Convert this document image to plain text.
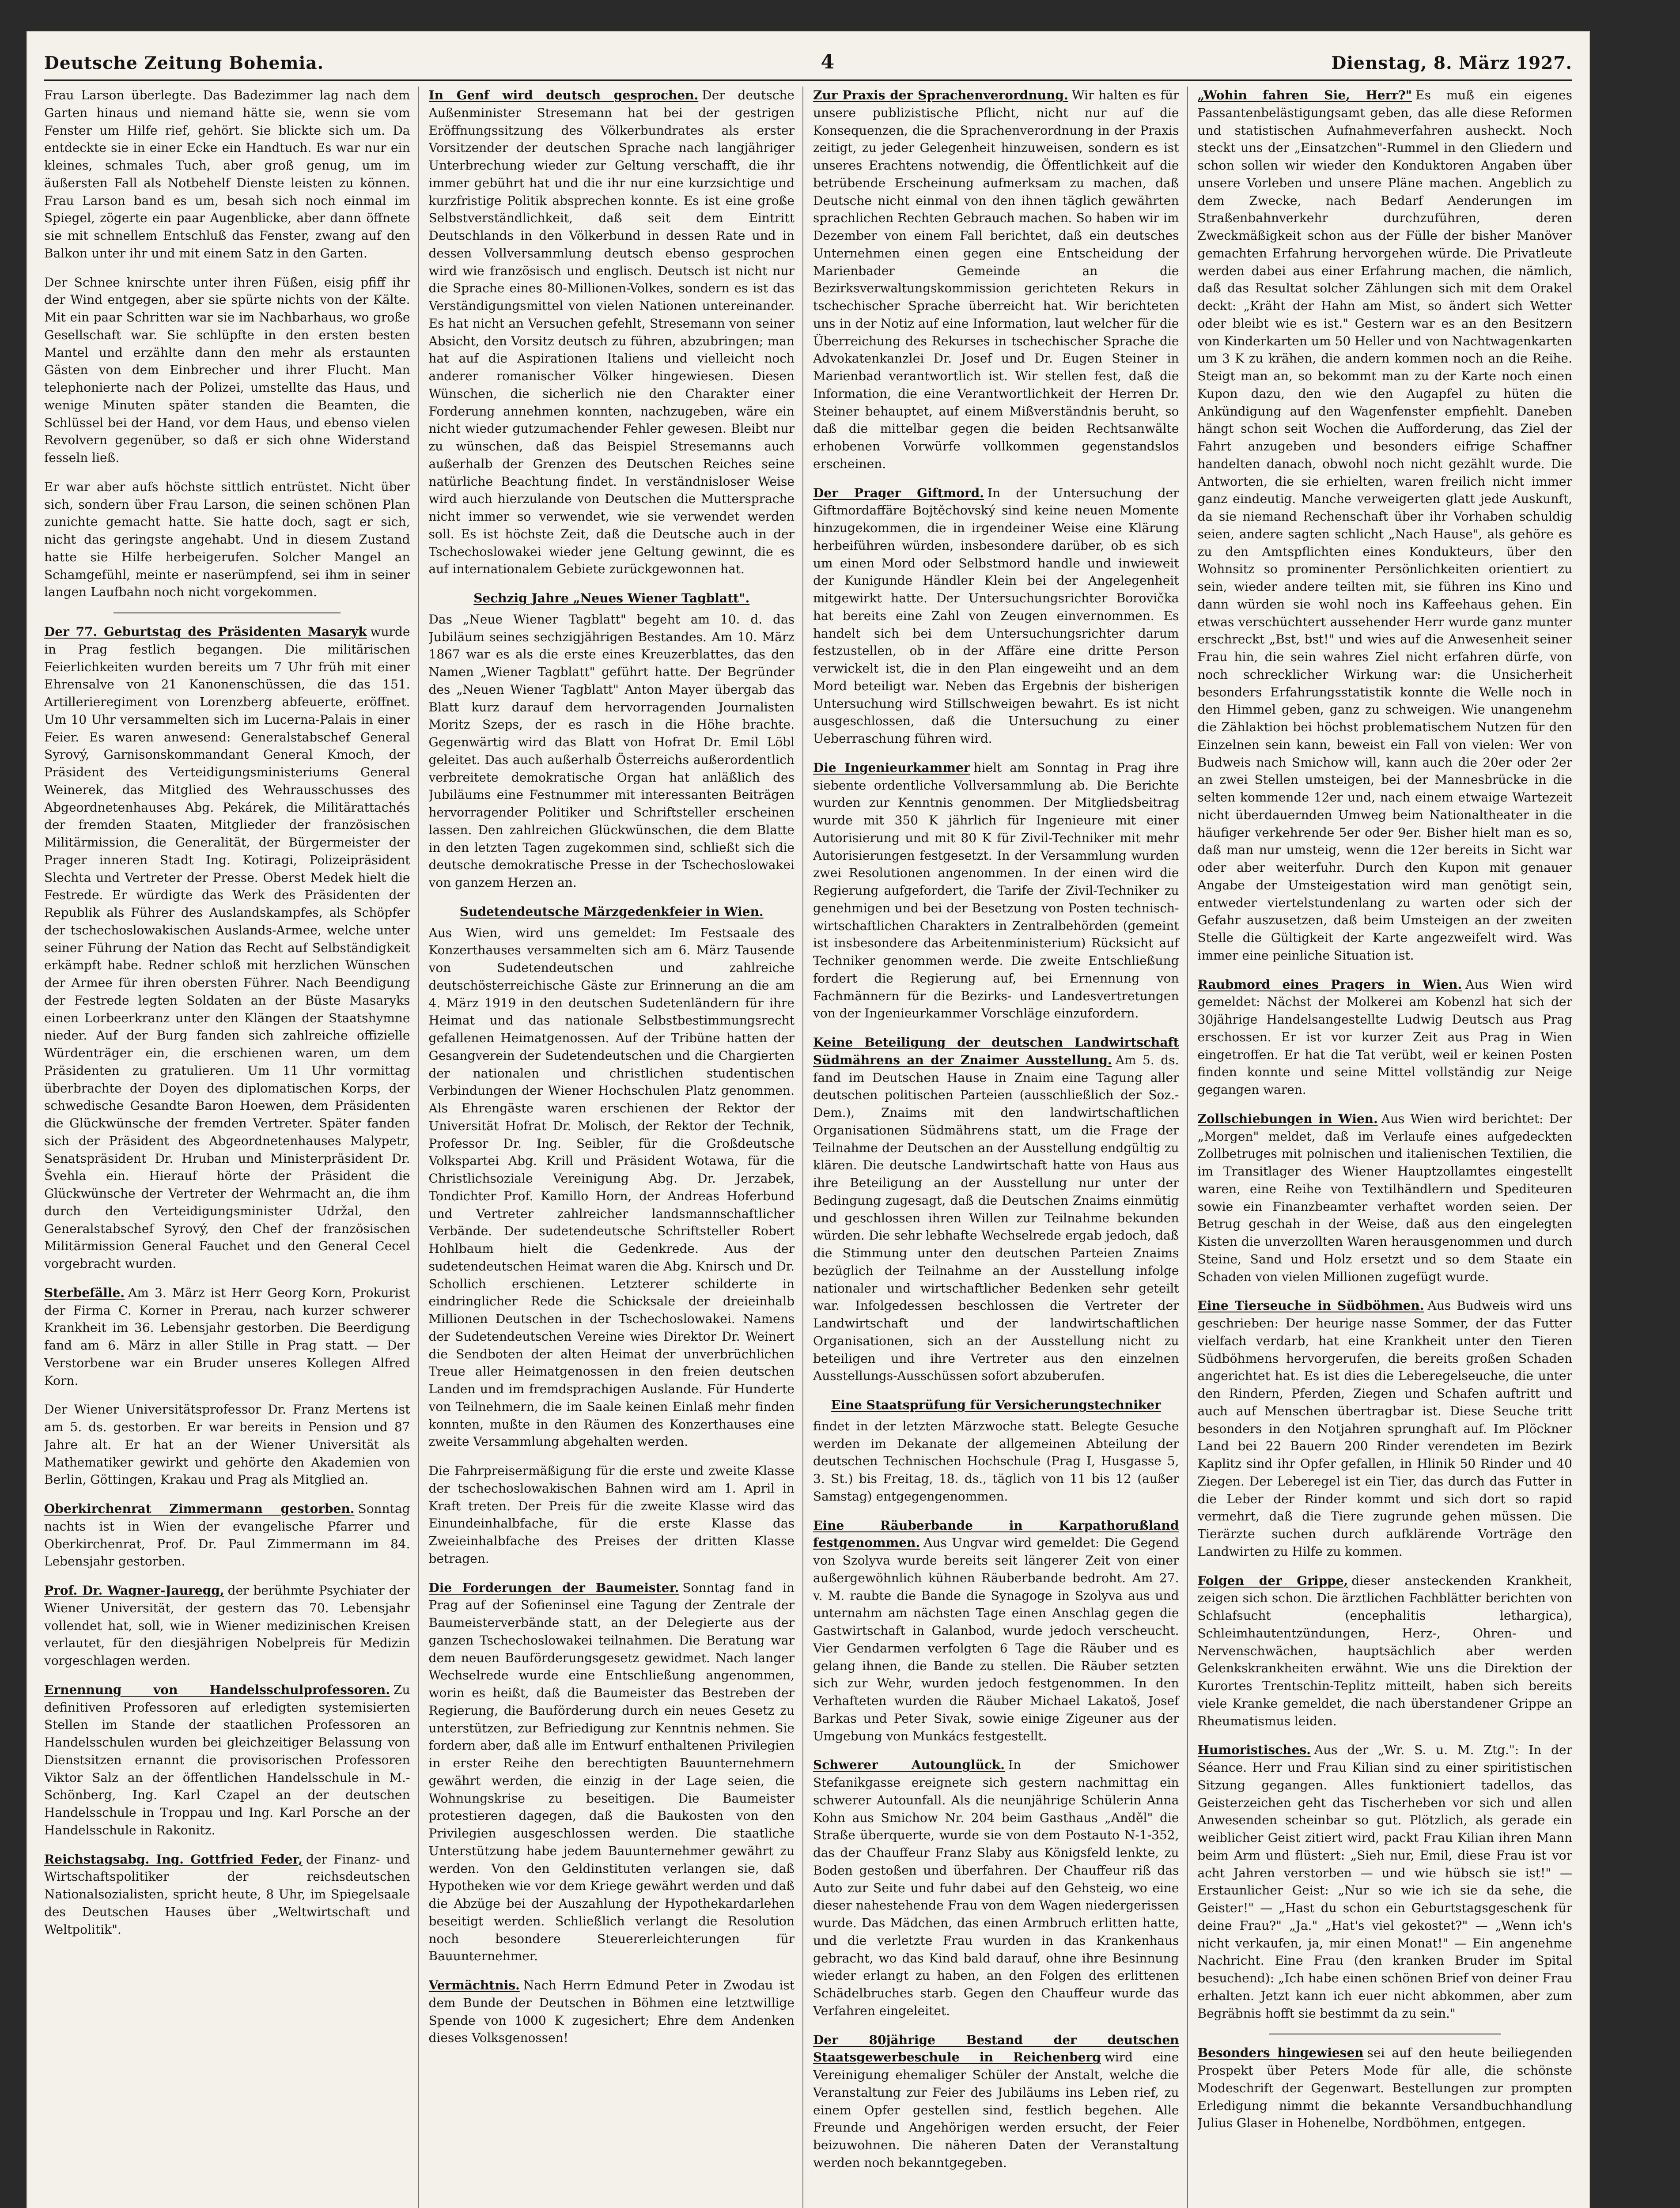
Deutsche Zeitung Bohemia.	4	Dienstag, 8. März 1927.

Frau Larson überlegte. Das Badezimmer lag nach dem Garten hinaus und niemand hätte sie, wenn sie vom Fenster um Hilfe rief, gehört. Sie blickte sich um. Da entdeckte sie in einer Ecke ein Handtuch. Es war nur ein kleines, schmales Tuch, aber groß genug, um im äußersten Fall als Notbehelf Dienste leisten zu können. Frau Larson band es um, besah sich noch einmal im Spiegel, zögerte ein paar Augenblicke, aber dann öffnete sie mit schnellem Entschluß das Fenster, zwang auf den Balkon unter ihr und mit einem Satz in den Garten.

Der Schnee knirschte unter ihren Füßen, eisig pfiff ihr der Wind entgegen, aber sie spürte nichts von der Kälte. Mit ein paar Schritten war sie im Nachbarhaus, wo große Gesellschaft war. Sie schlüpfte in den ersten besten Mantel und erzählte dann den mehr als erstaunten Gästen von dem Einbrecher und ihrer Flucht. Man telephonierte nach der Polizei, umstellte das Haus, und wenige Minuten später standen die Beamten, die Schlüssel bei der Hand, vor dem Haus, und ebenso vielen Revolvern gegenüber, so daß er sich ohne Widerstand fesseln ließ.

Er war aber aufs höchste sittlich entrüstet. Nicht über sich, sondern über Frau Larson, die seinen schönen Plan zunichte gemacht hatte. Sie hatte doch, sagt er sich, nicht das geringste angehabt. Und in diesem Zustand hatte sie Hilfe herbeigerufen. Solcher Mangel an Schamgefühl, meinte er naserümpfend, sei ihm in seiner langen Laufbahn noch nicht vorgekommen.

Der 77. Geburtstag des Präsidenten Masaryk wurde in Prag festlich begangen. Die militärischen Feierlichkeiten wurden bereits um 7 Uhr früh mit einer Ehrensalve von 21 Kanonenschüssen, die das 151. Artillerieregiment von Lorenzberg abfeuerte, eröffnet. Um 10 Uhr versammelten sich im Lucerna-Palais in einer Feier. Es waren anwesend: Generalstabschef General Syrový, Garnisonskommandant General Kmoch, der Präsident des Verteidigungsministeriums General Weinerek, das Mitglied des Wehrausschusses des Abgeordnetenhauses Abg. Pekárek, die Militärattachés der fremden Staaten, Mitglieder der französischen Militärmission, die Generalität, der Bürgermeister der Prager inneren Stadt Ing. Kotiragi, Polizeipräsident Slechta und Vertreter der Presse. Oberst Medek hielt die Festrede. Er würdigte das Werk des Präsidenten der Republik als Führer des Auslandskampfes, als Schöpfer der tschechoslowakischen Auslands-Armee, welche unter seiner Führung der Nation das Recht auf Selbständigkeit erkämpft habe. Redner schloß mit herzlichen Wünschen der Armee für ihren obersten Führer. Nach Beendigung der Festrede legten Soldaten an der Büste Masaryks einen Lorbeerkranz unter den Klängen der Staatshymne nieder. Auf der Burg fanden sich zahlreiche offizielle Würdenträger ein, die erschienen waren, um dem Präsidenten zu gratulieren. Um 11 Uhr vormittag überbrachte der Doyen des diplomatischen Korps, der schwedische Gesandte Baron Hoewen, dem Präsidenten die Glückwünsche der fremden Vertreter. Später fanden sich der Präsident des Abgeordnetenhauses Malypetr, Senatspräsident Dr. Hruban und Ministerpräsident Dr. Švehla ein. Hierauf hörte der Präsident die Glückwünsche der Vertreter der Wehrmacht an, die ihm durch den Verteidigungsminister Udržal, den Generalstabschef Syrový, den Chef der französischen Militärmission General Fauchet und den General Cecel vorgebracht wurden.

Sterbefälle. Am 3. März ist Herr Georg Korn, Prokurist der Firma C. Korner in Prerau, nach kurzer schwerer Krankheit im 36. Lebensjahr gestorben. Die Beerdigung fand am 6. März in aller Stille in Prag statt. — Der Verstorbene war ein Bruder unseres Kollegen Alfred Korn.

Der Wiener Universitätsprofessor Dr. Franz Mertens ist am 5. ds. gestorben. Er war bereits in Pension und 87 Jahre alt. Er hat an der Wiener Universität als Mathematiker gewirkt und gehörte den Akademien von Berlin, Göttingen, Krakau und Prag als Mitglied an.

Oberkirchenrat Zimmermann gestorben. Sonntag nachts ist in Wien der evangelische Pfarrer und Oberkirchenrat, Prof. Dr. Paul Zimmermann im 84. Lebensjahr gestorben.

Prof. Dr. Wagner-Jauregg, der berühmte Psychiater der Wiener Universität, der gestern das 70. Lebensjahr vollendet hat, soll, wie in Wiener medizinischen Kreisen verlautet, für den diesjährigen Nobelpreis für Medizin vorgeschlagen werden.

Ernennung von Handelsschulprofessoren. Zu definitiven Professoren auf erledigten systemisierten Stellen im Stande der staatlichen Professoren an Handelsschulen wurden bei gleichzeitiger Belassung von Dienstsitzen ernannt die provisorischen Professoren Viktor Salz an der öffentlichen Handelsschule in M.-Schönberg, Ing. Karl Czapel an der deutschen Handelsschule in Troppau und Ing. Karl Porsche an der Handelsschule in Rakonitz.

Reichstagsabg. Ing. Gottfried Feder, der Finanz- und Wirtschaftspolitiker der reichsdeutschen Nationalsozialisten, spricht heute, 8 Uhr, im Spiegelsaale des Deutschen Hauses über „Weltwirtschaft und Weltpolitik".

In Genf wird deutsch gesprochen. Der deutsche Außenminister Stresemann hat bei der gestrigen Eröffnungssitzung des Völkerbundrates als erster Vorsitzender der deutschen Sprache nach langjähriger Unterbrechung wieder zur Geltung verschafft, die ihr immer gebührt hat und die ihr nur eine kurzsichtige und kurzfristige Politik absprechen konnte. Es ist eine große Selbstverständlichkeit, daß seit dem Eintritt Deutschlands in den Völkerbund in dessen Rate und in dessen Vollversammlung deutsch ebenso gesprochen wird wie französisch und englisch. Deutsch ist nicht nur die Sprache eines 80-Millionen-Volkes, sondern es ist das Verständigungsmittel von vielen Nationen untereinander. Es hat nicht an Versuchen gefehlt, Stresemann von seiner Absicht, den Vorsitz deutsch zu führen, abzubringen; man hat auf die Aspirationen Italiens und vielleicht noch anderer romanischer Völker hingewiesen. Diesen Wünschen, die sicherlich nie den Charakter einer Forderung annehmen konnten, nachzugeben, wäre ein nicht wieder gutzumachender Fehler gewesen. Bleibt nur zu wünschen, daß das Beispiel Stresemanns auch außerhalb der Grenzen des Deutschen Reiches seine natürliche Beachtung findet. In verständnisloser Weise wird auch hierzulande von Deutschen die Muttersprache nicht immer so verwendet, wie sie verwendet werden soll. Es ist höchste Zeit, daß die Deutsche auch in der Tschechoslowakei wieder jene Geltung gewinnt, die es auf internationalem Gebiete zurückgewonnen hat.

Sechzig Jahre „Neues Wiener Tagblatt".
Das „Neue Wiener Tagblatt" begeht am 10. d. das Jubiläum seines sechzigjährigen Bestandes. Am 10. März 1867 war es als die erste eines Kreuzerblattes, das den Namen „Wiener Tagblatt" geführt hatte. Der Begründer des „Neuen Wiener Tagblatt" Anton Mayer übergab das Blatt kurz darauf dem hervorragenden Journalisten Moritz Szeps, der es rasch in die Höhe brachte. Gegenwärtig wird das Blatt von Hofrat Dr. Emil Löbl geleitet. Das auch außerhalb Österreichs außerordentlich verbreitete demokratische Organ hat anläßlich des Jubiläums eine Festnummer mit interessanten Beiträgen hervorragender Politiker und Schriftsteller erscheinen lassen. Den zahlreichen Glückwünschen, die dem Blatte in den letzten Tagen zugekommen sind, schließt sich die deutsche demokratische Presse in der Tschechoslowakei von ganzem Herzen an.

Sudetendeutsche Märzgedenkfeier in Wien.
Aus Wien, wird uns gemeldet: Im Festsaale des Konzerthauses versammelten sich am 6. März Tausende von Sudetendeutschen und zahlreiche deutschösterreichische Gäste zur Erinnerung an die am 4. März 1919 in den deutschen Sudetenländern für ihre Heimat und das nationale Selbstbestimmungsrecht gefallenen Heimatgenossen. Auf der Tribüne hatten der Gesangverein der Sudetendeutschen und die Chargierten der nationalen und christlichen studentischen Verbindungen der Wiener Hochschulen Platz genommen. Als Ehrengäste waren erschienen der Rektor der Universität Hofrat Dr. Molisch, der Rektor der Technik, Professor Dr. Ing. Seibler, für die Großdeutsche Volkspartei Abg. Krill und Präsident Wotawa, für die Christlichsoziale Vereinigung Abg. Dr. Jerzabek, Tondichter Prof. Kamillo Horn, der Andreas Hoferbund und Vertreter zahlreicher landsmannschaftlicher Verbände. Der sudetendeutsche Schriftsteller Robert Hohlbaum hielt die Gedenkrede. Aus der sudetendeutschen Heimat waren die Abg. Knirsch und Dr. Schollich erschienen. Letzterer schilderte in eindringlicher Rede die Schicksale der dreieinhalb Millionen Deutschen in der Tschechoslowakei. Namens der Sudetendeutschen Vereine wies Direktor Dr. Weinert die Sendboten der alten Heimat der unverbrüchlichen Treue aller Heimatgenossen in den freien deutschen Landen und im fremdsprachigen Auslande. Für Hunderte von Teilnehmern, die im Saale keinen Einlaß mehr finden konnten, mußte in den Räumen des Konzerthauses eine zweite Versammlung abgehalten werden.

Die Fahrpreisermäßigung für die erste und zweite Klasse der tschechoslowakischen Bahnen wird am 1. April in Kraft treten. Der Preis für die zweite Klasse wird das Einundeinhalbfache, für die erste Klasse das Zweieinhalbfache des Preises der dritten Klasse betragen.

Die Forderungen der Baumeister. Sonntag fand in Prag auf der Sofieninsel eine Tagung der Zentrale der Baumeisterverbände statt, an der Delegierte aus der ganzen Tschechoslowakei teilnahmen. Die Beratung war dem neuen Bauförderungsgesetz gewidmet. Nach langer Wechselrede wurde eine Entschließung angenommen, worin es heißt, daß die Baumeister das Bestreben der Regierung, die Bauförderung durch ein neues Gesetz zu unterstützen, zur Befriedigung zur Kenntnis nehmen. Sie fordern aber, daß alle im Entwurf enthaltenen Privilegien in erster Reihe den berechtigten Bauunternehmern gewährt werden, die einzig in der Lage seien, die Wohnungskrise zu beseitigen. Die Baumeister protestieren dagegen, daß die Baukosten von den Privilegien ausgeschlossen werden. Die staatliche Unterstützung habe jedem Bauunternehmer gewährt zu werden. Von den Geldinstituten verlangen sie, daß Hypotheken wie vor dem Kriege gewährt werden und daß die Abzüge bei der Auszahlung der Hypothekardarlehen beseitigt werden. Schließlich verlangt die Resolution noch besondere Steuererleichterungen für Bauunternehmer.

Vermächtnis. Nach Herrn Edmund Peter in Zwodau ist dem Bunde der Deutschen in Böhmen eine letztwillige Spende von 1000 K zugesichert; Ehre dem Andenken dieses Volksgenossen!

Zur Praxis der Sprachenverordnung. Wir halten es für unsere publizistische Pflicht, nicht nur auf die Konsequenzen, die die Sprachenverordnung in der Praxis zeitigt, zu jeder Gelegenheit hinzuweisen, sondern es ist unseres Erachtens notwendig, die Öffentlichkeit auf die betrübende Erscheinung aufmerksam zu machen, daß Deutsche nicht einmal von den ihnen täglich gewährten sprachlichen Rechten Gebrauch machen. So haben wir im Dezember von einem Fall berichtet, daß ein deutsches Unternehmen einen gegen eine Entscheidung der Marienbader Gemeinde an die Bezirksverwaltungskommission gerichteten Rekurs in tschechischer Sprache überreicht hat. Wir berichteten uns in der Notiz auf eine Information, laut welcher für die Überreichung des Rekurses in tschechischer Sprache die Advokatenkanzlei Dr. Josef und Dr. Eugen Steiner in Marienbad verantwortlich ist. Wir stellen fest, daß die Information, die eine Verantwortlichkeit der Herren Dr. Steiner behauptet, auf einem Mißverständnis beruht, so daß die mittelbar gegen die beiden Rechtsanwälte erhobenen Vorwürfe vollkommen gegenstandslos erscheinen.

Der Prager Giftmord. In der Untersuchung der Giftmordaffäre Bojtěchovský sind keine neuen Momente hinzugekommen, die in irgendeiner Weise eine Klärung herbeiführen würden, insbesondere darüber, ob es sich um einen Mord oder Selbstmord handle und inwieweit der Kunigunde Händler Klein bei der Angelegenheit mitgewirkt hatte. Der Untersuchungsrichter Borovička hat bereits eine Zahl von Zeugen einvernommen. Es handelt sich bei dem Untersuchungsrichter darum festzustellen, ob in der Affäre eine dritte Person verwickelt ist, die in den Plan eingeweiht und an dem Mord beteiligt war. Neben das Ergebnis der bisherigen Untersuchung wird Stillschweigen bewahrt. Es ist nicht ausgeschlossen, daß die Untersuchung zu einer Ueberraschung führen wird.

Die Ingenieurkammer hielt am Sonntag in Prag ihre siebente ordentliche Vollversammlung ab. Die Berichte wurden zur Kenntnis genommen. Der Mitgliedsbeitrag wurde mit 350 K jährlich für Ingenieure mit einer Autorisierung und mit 80 K für Zivil-Techniker mit mehr Autorisierungen festgesetzt. In der Versammlung wurden zwei Resolutionen angenommen. In der einen wird die Regierung aufgefordert, die Tarife der Zivil-Techniker zu genehmigen und bei der Besetzung von Posten technisch-wirtschaftlichen Charakters in Zentralbehörden (gemeint ist insbesondere das Arbeitenministerium) Rücksicht auf Techniker genommen werde. Die zweite Entschließung fordert die Regierung auf, bei Ernennung von Fachmännern für die Bezirks- und Landesvertretungen von der Ingenieurkammer Vorschläge einzufordern.

Keine Beteiligung der deutschen Landwirtschaft Südmährens an der Znaimer Ausstellung. Am 5. ds. fand im Deutschen Hause in Znaim eine Tagung aller deutschen politischen Parteien (ausschließlich der Soz.-Dem.), Znaims mit den landwirtschaftlichen Organisationen Südmährens statt, um die Frage der Teilnahme der Deutschen an der Ausstellung endgültig zu klären. Die deutsche Landwirtschaft hatte von Haus aus ihre Beteiligung an der Ausstellung nur unter der Bedingung zugesagt, daß die Deutschen Znaims einmütig und geschlossen ihren Willen zur Teilnahme bekunden würden. Die sehr lebhafte Wechselrede ergab jedoch, daß die Stimmung unter den deutschen Parteien Znaims bezüglich der Teilnahme an der Ausstellung infolge nationaler und wirtschaftlicher Bedenken sehr geteilt war. Infolgedessen beschlossen die Vertreter der Landwirtschaft und der landwirtschaftlichen Organisationen, sich an der Ausstellung nicht zu beteiligen und ihre Vertreter aus den einzelnen Ausstellungs-Ausschüssen sofort abzuberufen.

Eine Staatsprüfung für Versicherungstechniker
findet in der letzten Märzwoche statt. Belegte Gesuche werden im Dekanate der allgemeinen Abteilung der deutschen Technischen Hochschule (Prag I, Husgasse 5, 3. St.) bis Freitag, 18. ds., täglich von 11 bis 12 (außer Samstag) entgegengenommen.

Eine Räuberbande in Karpathorußland festgenommen. Aus Ungvar wird gemeldet: Die Gegend von Szolyva wurde bereits seit längerer Zeit von einer außergewöhnlich kühnen Räuberbande bedroht. Am 27. v. M. raubte die Bande die Synagoge in Szolyva aus und unternahm am nächsten Tage einen Anschlag gegen die Gastwirtschaft in Galanbod, wurde jedoch verscheucht. Vier Gendarmen verfolgten 6 Tage die Räuber und es gelang ihnen, die Bande zu stellen. Die Räuber setzten sich zur Wehr, wurden jedoch festgenommen. In den Verhafteten wurden die Räuber Michael Lakatoš, Josef Barkas und Peter Sivak, sowie einige Zigeuner aus der Umgebung von Munkács festgestellt.

Schwerer Autounglück. In der Smichower Stefanikgasse ereignete sich gestern nachmittag ein schwerer Autounfall. Als die neunjährige Schülerin Anna Kohn aus Smichow Nr. 204 beim Gasthaus „Anděl" die Straße überquerte, wurde sie von dem Postauto N-1-352, das der Chauffeur Franz Slaby aus Königsfeld lenkte, zu Boden gestoßen und überfahren. Der Chauffeur riß das Auto zur Seite und fuhr dabei auf den Gehsteig, wo eine dieser nahestehende Frau von dem Wagen niedergerissen wurde. Das Mädchen, das einen Armbruch erlitten hatte, und die verletzte Frau wurden in das Krankenhaus gebracht, wo das Kind bald darauf, ohne ihre Besinnung wieder erlangt zu haben, an den Folgen des erlittenen Schädelbruches starb. Gegen den Chauffeur wurde das Verfahren eingeleitet.

Der 80jährige Bestand der deutschen Staatsgewerbeschule in Reichenberg wird eine Vereinigung ehemaliger Schüler der Anstalt, welche die Veranstaltung zur Feier des Jubiläums ins Leben rief, zu einem Opfer gestellen sind, festlich begehen. Alle Freunde und Angehörigen werden ersucht, der Feier beizuwohnen. Die näheren Daten der Veranstaltung werden noch bekanntgegeben.

„Wohin fahren Sie, Herr?" Es muß ein eigenes Passantenbelästigungsamt geben, das alle diese Reformen und statistischen Aufnahmeverfahren ausheckt. Noch steckt uns der „Einsatzchen"-Rummel in den Gliedern und schon sollen wir wieder den Konduktoren Angaben über unsere Vorleben und unsere Pläne machen. Angeblich zu dem Zwecke, nach Bedarf Aenderungen im Straßenbahnverkehr durchzuführen, deren Zweckmäßigkeit schon aus der Fülle der bisher Manöver gemachten Erfahrung hervorgehen würde. Die Privatleute werden dabei aus einer Erfahrung machen, die nämlich, daß das Resultat solcher Zählungen sich mit dem Orakel deckt: „Kräht der Hahn am Mist, so ändert sich Wetter oder bleibt wie es ist." Gestern war es an den Besitzern von Kinderkarten um 50 Heller und von Nachtwagenkarten um 3 K zu krähen, die andern kommen noch an die Reihe. Steigt man an, so bekommt man zu der Karte noch einen Kupon dazu, den wie den Augapfel zu hüten die Ankündigung auf den Wagenfenster empfiehlt. Daneben hängt schon seit Wochen die Aufforderung, das Ziel der Fahrt anzugeben und besonders eifrige Schaffner handelten danach, obwohl noch nicht gezählt wurde. Die Antworten, die sie erhielten, waren freilich nicht immer ganz eindeutig. Manche verweigerten glatt jede Auskunft, da sie niemand Rechenschaft über ihr Vorhaben schuldig seien, andere sagten schlicht „Nach Hause", als gehöre es zu den Amtspflichten eines Kondukteurs, über den Wohnsitz so prominenter Persönlichkeiten orientiert zu sein, wieder andere teilten mit, sie führen ins Kino und dann würden sie wohl noch ins Kaffeehaus gehen. Ein etwas verschüchtert aussehender Herr wurde ganz munter erschreckt „Bst, bst!" und wies auf die Anwesenheit seiner Frau hin, die sein wahres Ziel nicht erfahren dürfe, von noch schrecklicher Wirkung war: die Unsicherheit besonders Erfahrungsstatistik konnte die Welle noch in den Himmel geben, ganz zu schweigen. Wie unangenehm die Zählaktion bei höchst problematischem Nutzen für den Einzelnen sein kann, beweist ein Fall von vielen: Wer von Budweis nach Smichow will, kann auch die 20er oder 2er an zwei Stellen umsteigen, bei der Mannesbrücke in die selten kommende 12er und, nach einem etwaige Wartezeit nicht überdauernden Umweg beim Nationaltheater in die häufiger verkehrende 5er oder 9er. Bisher hielt man es so, daß man nur umsteig, wenn die 12er bereits in Sicht war oder aber weiterfuhr. Durch den Kupon mit genauer Angabe der Umsteigestation wird man genötigt sein, entweder viertelstundenlang zu warten oder sich der Gefahr auszusetzen, daß beim Umsteigen an der zweiten Stelle die Gültigkeit der Karte angezweifelt wird. Was immer eine peinliche Situation ist.

Raubmord eines Pragers in Wien. Aus Wien wird gemeldet: Nächst der Molkerei am Kobenzl hat sich der 30jährige Handelsangestellte Ludwig Deutsch aus Prag erschossen. Er ist vor kurzer Zeit aus Prag in Wien eingetroffen. Er hat die Tat verübt, weil er keinen Posten finden konnte und seine Mittel vollständig zur Neige gegangen waren.

Zollschiebungen in Wien. Aus Wien wird berichtet: Der „Morgen" meldet, daß im Verlaufe eines aufgedeckten Zollbetruges mit polnischen und italienischen Textilien, die im Transitlager des Wiener Hauptzollamtes eingestellt waren, eine Reihe von Textilhändlern und Spediteuren sowie ein Finanzbeamter verhaftet worden seien. Der Betrug geschah in der Weise, daß aus den eingelegten Kisten die unverzollten Waren herausgenommen und durch Steine, Sand und Holz ersetzt und so dem Staate ein Schaden von vielen Millionen zugefügt wurde.

Eine Tierseuche in Südböhmen. Aus Budweis wird uns geschrieben: Der heurige nasse Sommer, der das Futter vielfach verdarb, hat eine Krankheit unter den Tieren Südböhmens hervorgerufen, die bereits großen Schaden angerichtet hat. Es ist dies die Leberegelseuche, die unter den Rindern, Pferden, Ziegen und Schafen auftritt und auch auf Menschen übertragbar ist. Diese Seuche tritt besonders in den Notjahren sprunghaft auf. Im Plöckner Land bei 22 Bauern 200 Rinder verendeten im Bezirk Kaplitz sind ihr Opfer gefallen, in Hlinik 50 Rinder und 40 Ziegen. Der Leberegel ist ein Tier, das durch das Futter in die Leber der Rinder kommt und sich dort so rapid vermehrt, daß die Tiere zugrunde gehen müssen. Die Tierärzte suchen durch aufklärende Vorträge den Landwirten zu Hilfe zu kommen.

Folgen der Grippe, dieser ansteckenden Krankheit, zeigen sich schon. Die ärztlichen Fachblätter berichten von Schlafsucht (encephalitis lethargica), Schleimhautentzündungen, Herz-, Ohren- und Nervenschwächen, hauptsächlich aber werden Gelenkskrankheiten erwähnt. Wie uns die Direktion der Kurortes Trentschin-Teplitz mitteilt, haben sich bereits viele Kranke gemeldet, die nach überstandener Grippe an Rheumatismus leiden.

Humoristisches. Aus der „Wr. S. u. M. Ztg.": In der Séance. Herr und Frau Kilian sind zu einer spiritistischen Sitzung gegangen. Alles funktioniert tadellos, das Geisterzeichen geht das Tischerheben vor sich und allen Anwesenden scheinbar so gut. Plötzlich, als gerade ein weiblicher Geist zitiert wird, packt Frau Kilian ihren Mann beim Arm und flüstert: „Sieh nur, Emil, diese Frau ist vor acht Jahren verstorben — und wie hübsch sie ist!" — Erstaunlicher Geist: „Nur so wie ich sie da sehe, die Geister!" — „Hast du schon ein Geburtstagsgeschenk für deine Frau?" „Ja." „Hat's viel gekostet?" — „Wenn ich's nicht verkaufen, ja, mir einen Monat!" — Ein angenehme Nachricht. Eine Frau (den kranken Bruder im Spital besuchend): „Ich habe einen schönen Brief von deiner Frau erhalten. Jetzt kann ich euer nicht abkommen, aber zum Begräbnis hofft sie bestimmt da zu sein."

Besonders hingewiesen sei auf den heute beiliegenden Prospekt über Peters Mode für alle, die schönste Modeschrift der Gegenwart. Bestellungen zur prompten Erledigung nimmt die bekannte Versandbuchhandlung Julius Glaser in Hohenelbe, Nordböhmen, entgegen.
